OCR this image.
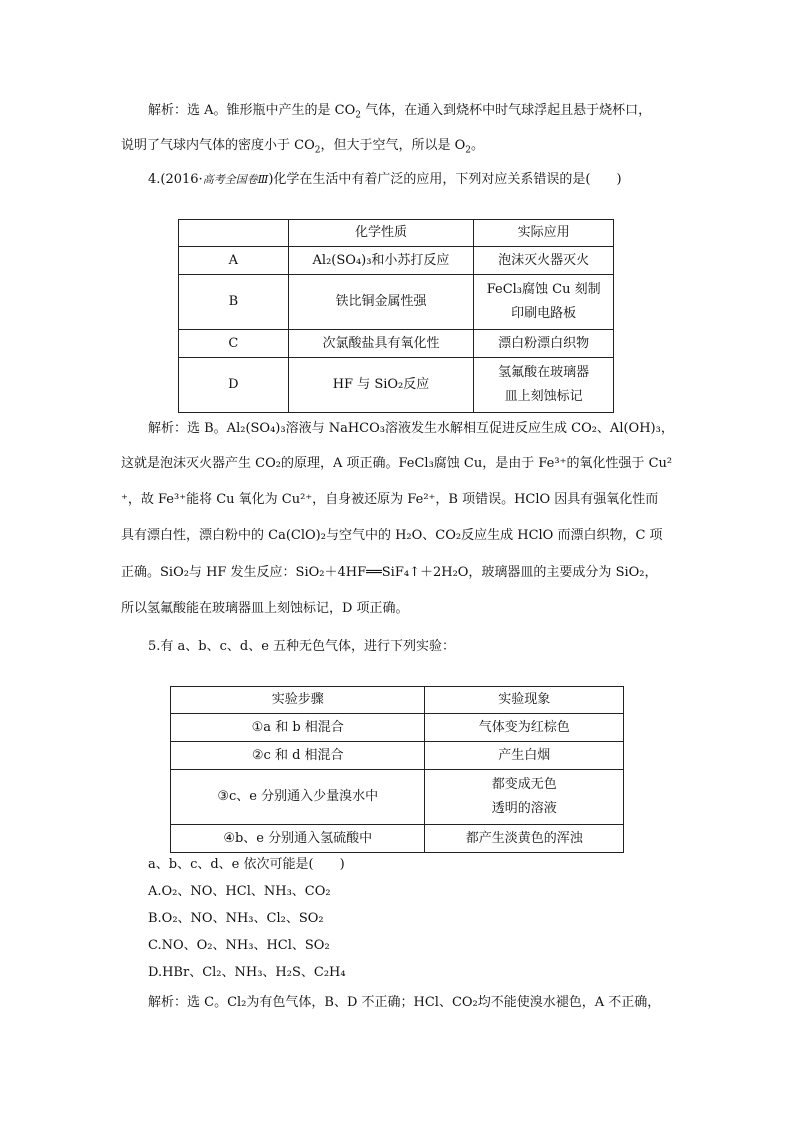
解析：选 A。锥形瓶中产生的是 $CO_2$ 气体，在通入到烧杯中时气球浮起且悬于烧杯口，
说明了气球内气体的密度小于 $CO_2$，但大于空气，所以是 $O_2$。
4.(2016·高考全国卷Ⅲ)化学在生活中有着广泛的应用，下列对应关系错误的是(　　)
	化学性质	实际应用
A	Al₂(SO₄)₃和小苏打反应	泡沫灭火器灭火
B	铁比铜金属性强	FeCl₃腐蚀 Cu 刻制
印刷电路板

C	次氯酸盐具有氧化性	漂白粉漂白织物
D	HF 与 SiO₂反应	氢氟酸在玻璃器
皿上刻蚀标记
解析：选 B。Al₂(SO₄)₃溶液与 NaHCO₃溶液发生水解相互促进反应生成 CO₂、Al(OH)₃，
这就是泡沫灭火器产生 CO₂的原理，A 项正确。FeCl₃腐蚀 Cu，是由于 Fe³⁺的氧化性强于 Cu²
⁺，故 Fe³⁺能将 Cu 氧化为 Cu²⁺，自身被还原为 Fe²⁺，B 项错误。HClO 因具有强氧化性而
具有漂白性，漂白粉中的 Ca(ClO)₂与空气中的 H₂O、CO₂反应生成 HClO 而漂白织物，C 项
正确。SiO₂与 HF 发生反应：SiO₂＋4HF══SiF₄↑＋2H₂O，玻璃器皿的主要成分为 SiO₂，
所以氢氟酸能在玻璃器皿上刻蚀标记，D 项正确。
5.有 a、b、c、d、e 五种无色气体，进行下列实验：
实验步骤	实验现象
①a 和 b 相混合	气体变为红棕色
②c 和 d 相混合	产生白烟
③c、e 分别通入少量溴水中	都变成无色
透明的溶液

④b、e 分别通入氢硫酸中	都产生淡黄色的浑浊
a、b、c、d、e 依次可能是(　　)
A.O₂、NO、HCl、NH₃、CO₂
B.O₂、NO、NH₃、Cl₂、SO₂
C.NO、O₂、NH₃、HCl、SO₂
D.HBr、Cl₂、NH₃、H₂S、C₂H₄
解析：选 C。Cl₂为有色气体，B、D 不正确；HCl、CO₂均不能使溴水褪色，A 不正确，
